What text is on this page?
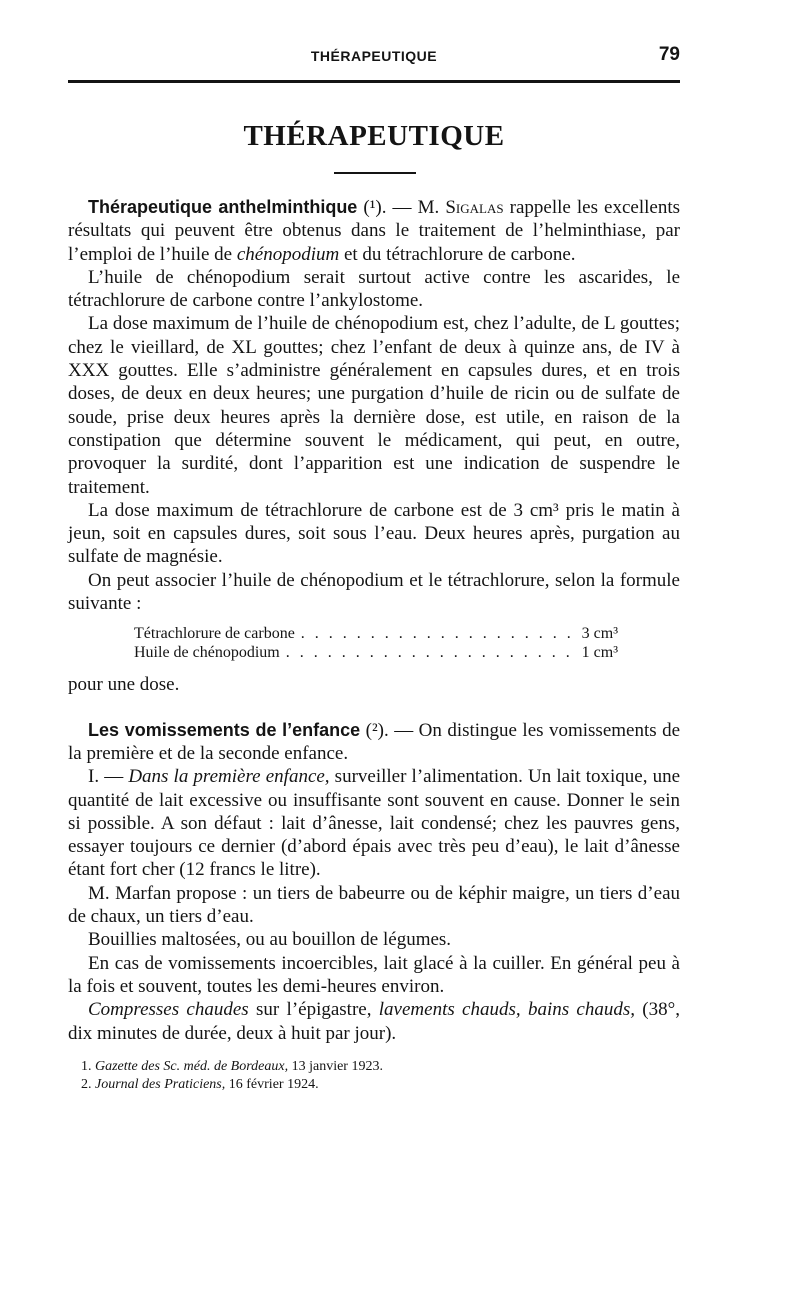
THÉRAPEUTIQUE	79
THÉRAPEUTIQUE

Thérapeutique anthelminthique (¹). — M. Sigalas rappelle les excellents résultats qui peuvent être obtenus dans le traitement de l’helminthiase, par l’emploi de l’huile de chénopodium et du tétrachlorure de carbone.

L’huile de chénopodium serait surtout active contre les ascarides, le tétrachlorure de carbone contre l’ankylostome.

La dose maximum de l’huile de chénopodium est, chez l’adulte, de L gouttes; chez le vieillard, de XL gouttes; chez l’enfant de deux à quinze ans, de IV à XXX gouttes. Elle s’administre généralement en capsules dures, et en trois doses, de deux en deux heures; une purgation d’huile de ricin ou de sulfate de soude, prise deux heures après la dernière dose, est utile, en raison de la constipation que détermine souvent le médicament, qui peut, en outre, provoquer la surdité, dont l’apparition est une indication de suspendre le traitement.

La dose maximum de tétrachlorure de carbone est de 3 cm³ pris le matin à jeun, soit en capsules dures, soit sous l’eau. Deux heures après, purgation au sulfate de magnésie.

On peut associer l’huile de chénopodium et le tétrachlorure, selon la formule suivante :

Tétrachlorure de carbone . . .	3 cm³
Huile de chénopodium . . .	1 cm³

pour une dose.

Les vomissements de l’enfance (²). — On distingue les vomissements de la première et de la seconde enfance.

I. — Dans la première enfance, surveiller l’alimentation. Un lait toxique, une quantité de lait excessive ou insuffisante sont souvent en cause. Donner le sein si possible. A son défaut : lait d’ânesse, lait condensé; chez les pauvres gens, essayer toujours ce dernier (d’abord épais avec très peu d’eau), le lait d’ânesse étant fort cher (12 francs le litre).

M. Marfan propose : un tiers de babeurre ou de képhir maigre, un tiers d’eau de chaux, un tiers d’eau.

Bouillies maltosées, ou au bouillon de légumes.

En cas de vomissements incoercibles, lait glacé à la cuiller. En général peu à la fois et souvent, toutes les demi-heures environ.

Compresses chaudes sur l’épigastre, lavements chauds, bains chauds, (38°, dix minutes de durée, deux à huit par jour).

1. Gazette des Sc. méd. de Bordeaux, 13 janvier 1923.

2. Journal des Praticiens, 16 février 1924.
